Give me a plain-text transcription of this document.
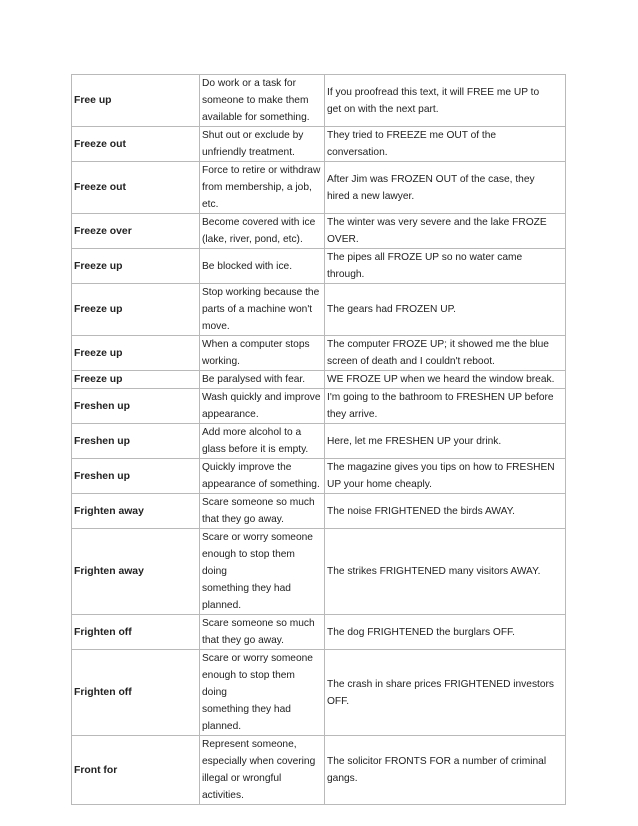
Free up	Do work or a task for
someone to make them
available for something.	If you proofread this text, it will FREE me UP to
get on with the next part.

Freeze out	Shut out or exclude by
unfriendly treatment.	They tried to FREEZE me OUT of the
conversation.

Freeze out	Force to retire or withdraw
from membership, a job,
etc.	After Jim was FROZEN OUT of the case, they
hired a new lawyer.

Freeze over	Become covered with ice
(lake, river, pond, etc).	The winter was very severe and the lake FROZE
OVER.

Freeze up	Be blocked with ice.	The pipes all FROZE UP so no water came
through.

Freeze up	Stop working because the
parts of a machine won't
move.	The gears had FROZEN UP.

Freeze up	When a computer stops
working.	The computer FROZE UP; it showed me the blue
screen of death and I couldn't reboot.

Freeze up	Be paralysed with fear.	WE FROZE UP when we heard the window break.

Freshen up	Wash quickly and improve
appearance.	I'm going to the bathroom to FRESHEN UP before
they arrive.

Freshen up	Add more alcohol to a
glass before it is empty.	Here, let me FRESHEN UP your drink.

Freshen up	Quickly improve the
appearance of something.	The magazine gives you tips on how to FRESHEN
UP your home cheaply.

Frighten away	Scare someone so much
that they go away.	The noise FRIGHTENED the birds AWAY.

Frighten away	Scare or worry someone
enough to stop them doing
something they had
planned.	The strikes FRIGHTENED many visitors AWAY.

Frighten off	Scare someone so much
that they go away.	The dog FRIGHTENED the burglars OFF.

Frighten off	Scare or worry someone
enough to stop them doing
something they had
planned.	The crash in share prices FRIGHTENED investors
OFF.

Front for	Represent someone,
especially when covering
illegal or wrongful
activities.	The solicitor FRONTS FOR a number of criminal
gangs.
